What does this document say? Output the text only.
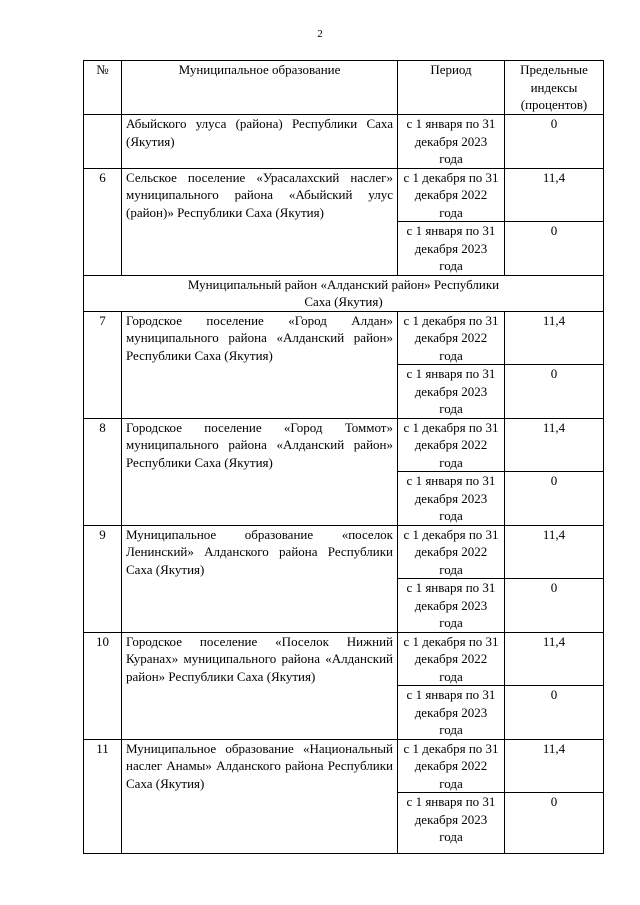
2
№	Муниципальное образование	Период	Предельные индексы (процентов)
	Абыйского улуса (района) Республики Саха (Якутия)	с 1 января по 31 декабря 2023 года	0
6	Сельское поселение «Урасалахский наслег» муниципального района «Абыйский улус (район)» Республики Саха (Якутия)	с 1 декабря по 31 декабря 2022 года	11,4
		с 1 января по 31 декабря 2023 года	0
Муниципальный район «Алданский район» Республики Саха (Якутия)			
7	Городское поселение «Город Алдан» муниципального района «Алданский район» Республики Саха (Якутия)	с 1 декабря по 31 декабря 2022 года	11,4
		с 1 января по 31 декабря 2023 года	0
8	Городское поселение «Город Томмот» муниципального района «Алданский район» Республики Саха (Якутия)	с 1 декабря по 31 декабря 2022 года	11,4
		с 1 января по 31 декабря 2023 года	0
9	Муниципальное образование «поселок Ленинский» Алданского района Республики Саха (Якутия)	с 1 декабря по 31 декабря 2022 года	11,4
		с 1 января по 31 декабря 2023 года	0
10	Городское поселение «Поселок Нижний Куранах» муниципального района «Алданский район» Республики Саха (Якутия)	с 1 декабря по 31 декабря 2022 года	11,4
		с 1 января по 31 декабря 2023 года	0
11	Муниципальное образование «Национальный наслег Анамы» Алданского района Республики Саха (Якутия)	с 1 декабря по 31 декабря 2022 года	11,4
		с 1 января по 31 декабря 2023 года	0
